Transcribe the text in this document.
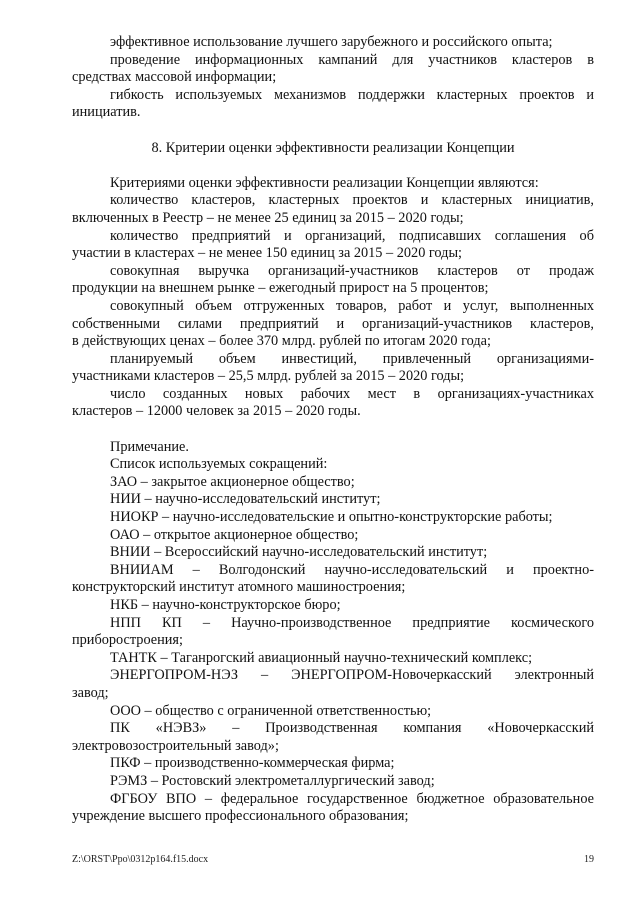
эффективное использование лучшего зарубежного и российского опыта;
проведение информационных кампаний для участников кластеров в
средствах массовой информации;
гибкость используемых механизмов поддержки кластерных проектов и
инициатив.
8. Критерии оценки эффективности реализации Концепции
Критериями оценки эффективности реализации Концепции являются:
количество кластеров, кластерных проектов и кластерных инициатив,
включенных в Реестр – не менее 25 единиц за 2015 – 2020 годы;
количество предприятий и организаций, подписавших соглашения об
участии в кластерах – не менее 150 единиц за 2015 – 2020 годы;
совокупная выручка организаций-участников кластеров от продаж
продукции на внешнем рынке – ежегодный прирост на 5 процентов;
совокупный объем отгруженных товаров, работ и услуг, выполненных
собственными силами предприятий и организаций-участников кластеров,
в действующих ценах – более 370 млрд. рублей по итогам 2020 года;
планируемый объем инвестиций, привлеченный организациями-
участниками кластеров – 25,5 млрд. рублей за 2015 – 2020 годы;
число созданных новых рабочих мест в организациях-участниках
кластеров – 12000 человек за 2015 – 2020 годы.
Примечание.
Список используемых сокращений:
ЗАО – закрытое акционерное общество;
НИИ – научно-исследовательский институт;
НИОКР – научно-исследовательские и опытно-конструкторские работы;
ОАО – открытое акционерное общество;
ВНИИ – Всероссийский научно-исследовательский институт;
ВНИИАМ – Волгодонский научно-исследовательский и проектно-
конструкторский институт атомного машиностроения;
НКБ – научно-конструкторское бюро;
НПП КП – Научно-производственное предприятие космического
приборостроения;
ТАНТК – Таганрогский авиационный научно-технический комплекс;
ЭНЕРГОПРОМ-НЭЗ – ЭНЕРГОПРОМ-Новочеркасский электронный
завод;
ООО – общество с ограниченной ответственностью;
ПК «НЭВЗ» – Производственная компания «Новочеркасский
электровозостроительный завод»;
ПКФ – производственно-коммерческая фирма;
РЭМЗ – Ростовский электрометаллургический завод;
ФГБОУ ВПО – федеральное государственное бюджетное образовательное
учреждение высшего профессионального образования;
Z:\ORST\Ppo\0312p164.f15.docx	19
